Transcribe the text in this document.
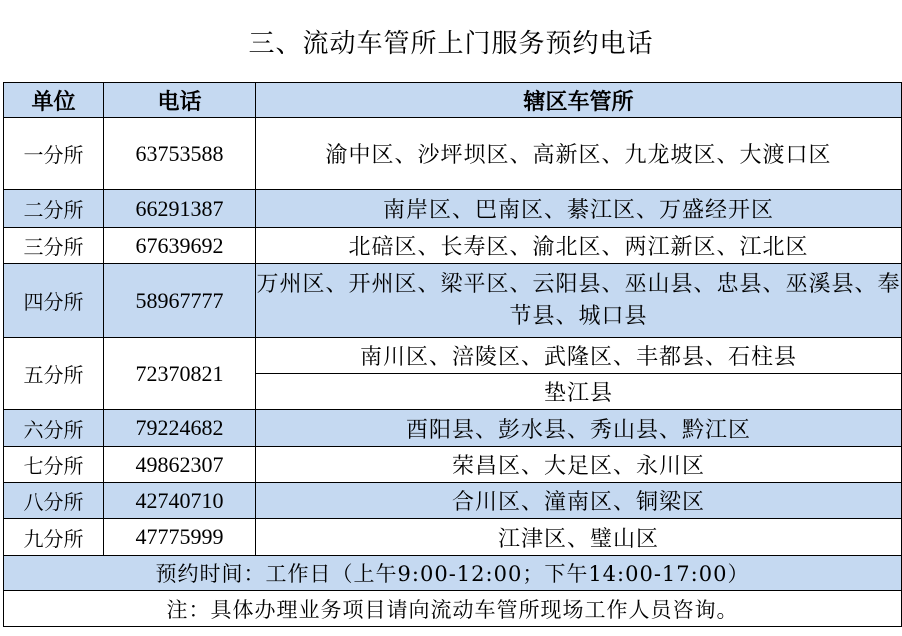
三、流动车管所上门服务预约电话
单位	电话	辖区车管所
一分所	63753588	渝中区、沙坪坝区、高新区、九龙坡区、大渡口区
二分所	66291387	南岸区、巴南区、綦江区、万盛经开区
三分所	67639692	北碚区、长寿区、渝北区、两江新区、江北区
四分所	58967777	万州区、开州区、梁平区、云阳县、巫山县、忠县、巫溪县、奉节县、城口县
五分所	72370821	南川区、涪陵区、武隆区、丰都县、石柱县
		垫江县
六分所	79224682	酉阳县、彭水县、秀山县、黔江区
七分所	49862307	荣昌区、大足区、永川区
八分所	42740710	合川区、潼南区、铜梁区
九分所	47775999	江津区、璧山区
预约时间：工作日（上午9:00-12:00；下午14:00-17:00）		
注：具体办理业务项目请向流动车管所现场工作人员咨询。		
